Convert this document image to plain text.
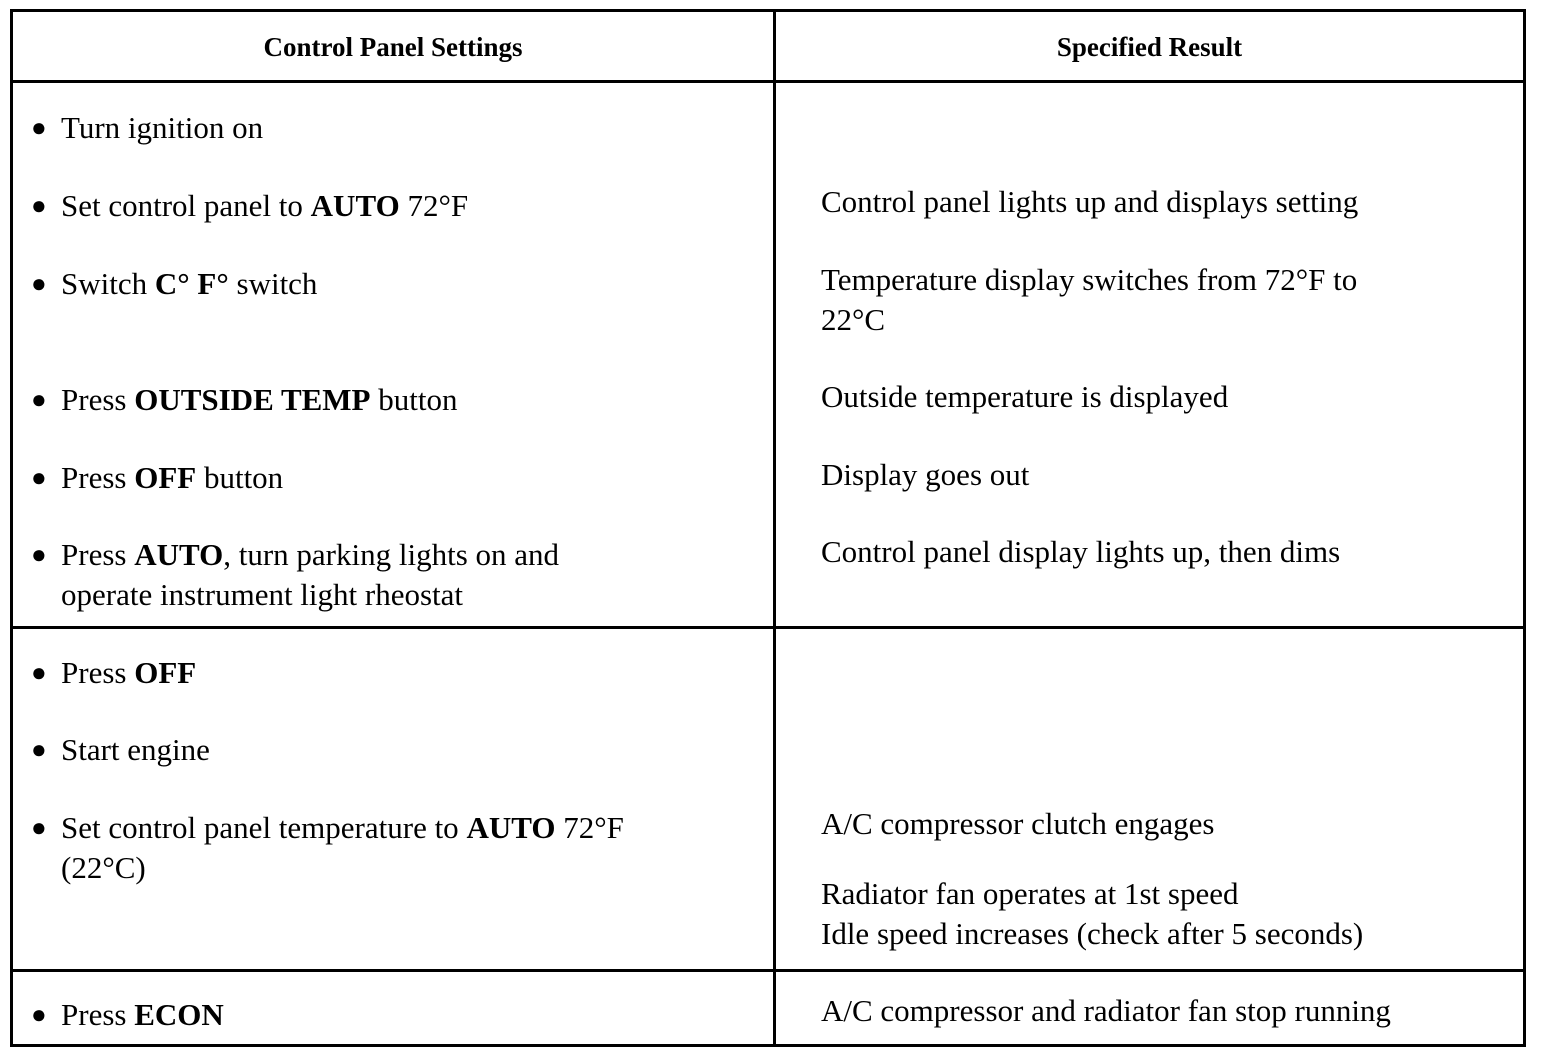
Control Panel Settings	Specified Result
● Turn ignition on
● Set control panel to AUTO 72°F
● Switch C° F° switch
● Press OUTSIDE TEMP button
● Press OFF button
● Press AUTO, turn parking lights on and
operate instrument light rheostat
Control panel lights up and displays setting
Temperature display switches from 72°F to
22°C
Outside temperature is displayed
Display goes out
Control panel display lights up, then dims
● Press OFF
● Start engine
● Set control panel temperature to AUTO 72°F
(22°C)
A/C compressor clutch engages
Radiator fan operates at 1st speed
Idle speed increases (check after 5 seconds)
● Press ECON	A/C compressor and radiator fan stop running
